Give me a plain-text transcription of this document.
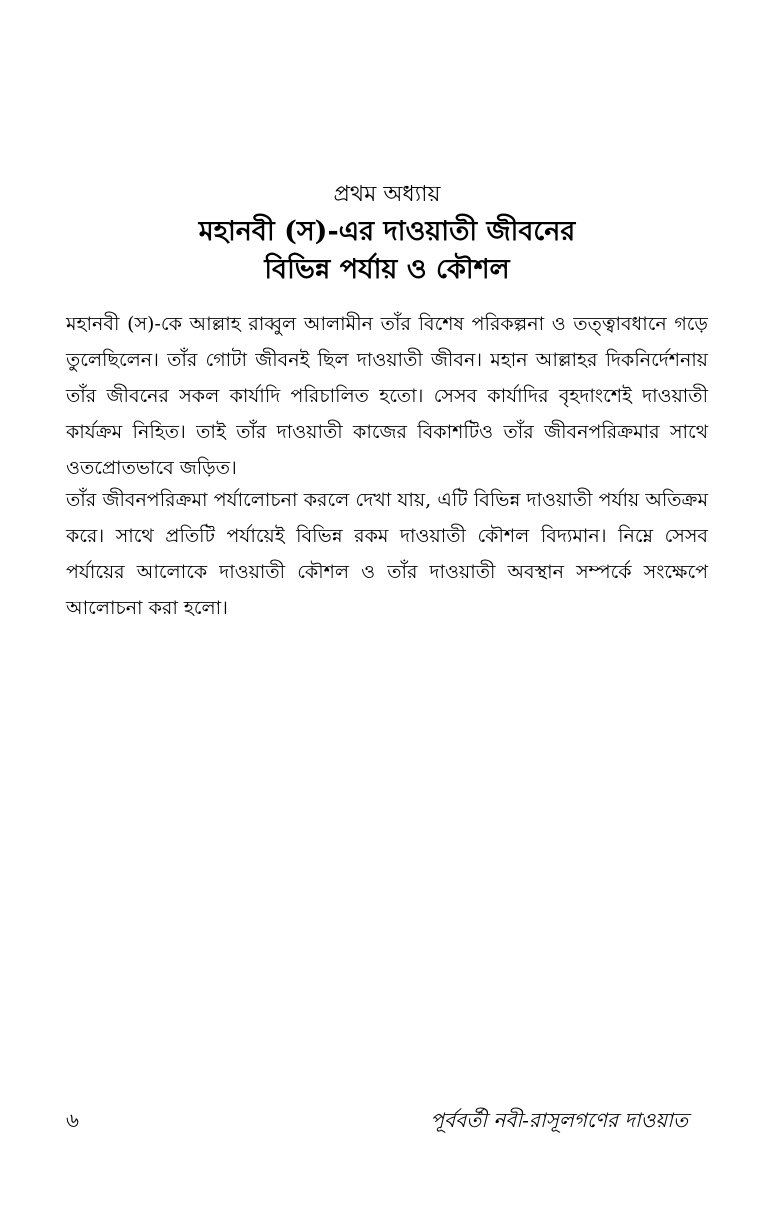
প্রথম অধ্যায়
মহানবী (স)-এর দাওয়াতী জীবনের
বিভিন্ন পর্যায় ও কৌশল

মহানবী (স)-কে আল্লাহ রাব্বুল আলামীন তাঁর বিশেষ পরিকল্পনা ও তত্ত্বাবধানে গড়ে তুলেছিলেন। তাঁর গোটা জীবনই ছিল দাওয়াতী জীবন। মহান আল্লাহর দিকনির্দেশনায় তাঁর জীবনের সকল কার্যাদি পরিচালিত হতো। সেসব কার্যাদির বৃহদাংশেই দাওয়াতী কার্যক্রম নিহিত। তাই তাঁর দাওয়াতী কাজের বিকাশটিও তাঁর জীবনপরিক্রমার সাথে ওতপ্রোতভাবে জড়িত।

তাঁর জীবনপরিক্রমা পর্যালোচনা করলে দেখা যায়, এটি বিভিন্ন দাওয়াতী পর্যায় অতিক্রম করে। সাথে প্রতিটি পর্যায়েই বিভিন্ন রকম দাওয়াতী কৌশল বিদ্যমান। নিম্নে সেসব পর্যায়ের আলোকে দাওয়াতী কৌশল ও তাঁর দাওয়াতী অবস্থান সম্পর্কে সংক্ষেপে আলোচনা করা হলো।

৬	পূর্ববর্তী নবী-রাসূলগণের দাওয়াত
